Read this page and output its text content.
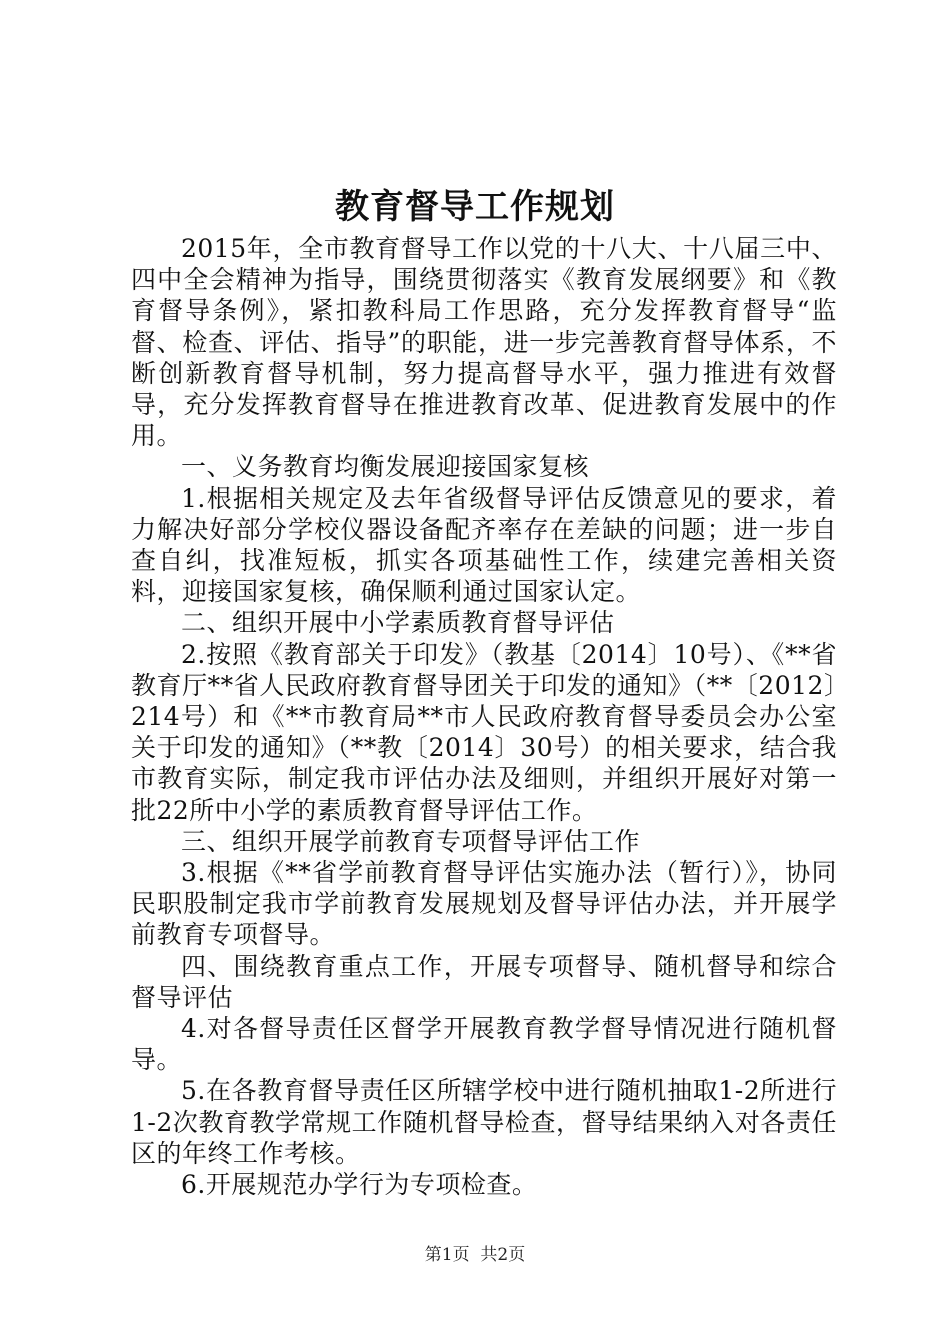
教育督导工作规划

2015年，全市教育督导工作以党的十八大、十八届三中、四中全会精神为指导，围绕贯彻落实《教育发展纲要》和《教育督导条例》，紧扣教科局工作思路，充分发挥教育督导“监督、检查、评估、指导”的职能，进一步完善教育督导体系，不断创新教育督导机制，努力提高督导水平，强力推进有效督导，充分发挥教育督导在推进教育改革、促进教育发展中的作用。

一、义务教育均衡发展迎接国家复核

1.根据相关规定及去年省级督导评估反馈意见的要求，着力解决好部分学校仪器设备配齐率存在差缺的问题；进一步自查自纠，找准短板，抓实各项基础性工作，续建完善相关资料，迎接国家复核，确保顺利通过国家认定。

二、组织开展中小学素质教育督导评估

2.按照《教育部关于印发》（教基〔2014〕10号）、《**省教育厅**省人民政府教育督导团关于印发的通知》（**〔2012〕214号）和《**市教育局**市人民政府教育督导委员会办公室关于印发的通知》（**教〔2014〕30号）的相关要求，结合我市教育实际，制定我市评估办法及细则，并组织开展好对第一批22所中小学的素质教育督导评估工作。

三、组织开展学前教育专项督导评估工作

3.根据《**省学前教育督导评估实施办法（暂行）》，协同民职股制定我市学前教育发展规划及督导评估办法，并开展学前教育专项督导。

四、围绕教育重点工作，开展专项督导、随机督导和综合督导评估

4.对各督导责任区督学开展教育教学督导情况进行随机督导。

5.在各教育督导责任区所辖学校中进行随机抽取1-2所进行1-2次教育教学常规工作随机督导检查，督导结果纳入对各责任区的年终工作考核。

6.开展规范办学行为专项检查。

第1页 共2页
